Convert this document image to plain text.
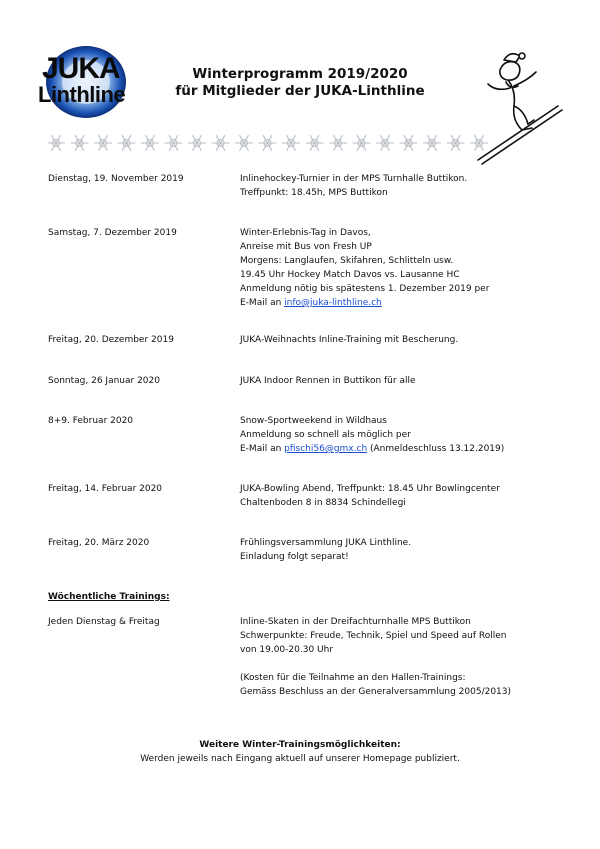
JUKA
Linthline
Winterprogramm 2019/2020
für Mitglieder der JUKA-Linthline
Dienstag, 19. November 2019	Inlinehockey-Turnier in der MPS Turnhalle Buttikon.
Treffpunkt: 18.45h, MPS Buttikon
Samstag, 7. Dezember 2019	Winter-Erlebnis-Tag in Davos,
Anreise mit Bus von Fresh UP
Morgens: Langlaufen, Skifahren, Schlitteln usw.
19.45 Uhr Hockey Match Davos vs. Lausanne HC
Anmeldung nötig bis spätestens 1. Dezember 2019 per
E-Mail an info@juka-linthline.ch
Freitag, 20. Dezember 2019	JUKA-Weihnachts Inline-Training mit Bescherung.
Sonntag, 26 Januar 2020	JUKA Indoor Rennen in Buttikon für alle
8+9. Februar 2020	Snow-Sportweekend in Wildhaus
Anmeldung so schnell als möglich per
E-Mail an pfischi56@gmx.ch (Anmeldeschluss 13.12.2019)
Freitag, 14. Februar 2020	JUKA-Bowling Abend, Treffpunkt: 18.45 Uhr Bowlingcenter
Chaltenboden 8 in 8834 Schindellegi
Freitag, 20. März 2020	Frühlingsversammlung JUKA Linthline.
Einladung folgt separat!
Wöchentliche Trainings:
Jeden Dienstag & Freitag	Inline-Skaten in der Dreifachturnhalle MPS Buttikon
Schwerpunkte: Freude, Technik, Spiel und Speed auf Rollen
von 19.00-20.30 Uhr

(Kosten für die Teilnahme an den Hallen-Trainings:
Gemäss Beschluss an der Generalversammlung 2005/2013)
Weitere Winter-Trainingsmöglichkeiten:
Werden jeweils nach Eingang aktuell auf unserer Homepage publiziert.
